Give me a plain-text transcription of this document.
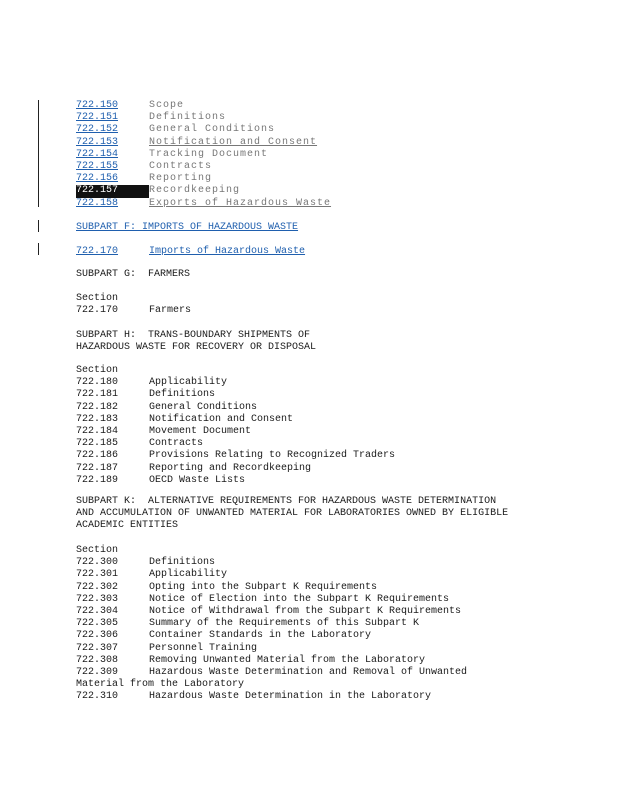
722.150	Scope
722.151	Definitions
722.152	General Conditions
722.153	Notification and Consent
722.154	Tracking Document
722.155	Contracts
722.156	Reporting
722.157	Recordkeeping
722.158	Exports of Hazardous Waste
SUBPART F: IMPORTS OF HAZARDOUS WASTE
722.170	Imports of Hazardous Waste
SUBPART G:  FARMERS
Section
722.170	Farmers
SUBPART H:  TRANS-BOUNDARY SHIPMENTS OF
HAZARDOUS WASTE FOR RECOVERY OR DISPOSAL
Section
722.180	Applicability
722.181	Definitions
722.182	General Conditions
722.183	Notification and Consent
722.184	Movement Document
722.185	Contracts
722.186	Provisions Relating to Recognized Traders
722.187	Reporting and Recordkeeping
722.189	OECD Waste Lists
SUBPART K:  ALTERNATIVE REQUIREMENTS FOR HAZARDOUS WASTE DETERMINATION
AND ACCUMULATION OF UNWANTED MATERIAL FOR LABORATORIES OWNED BY ELIGIBLE
ACADEMIC ENTITIES
Section
722.300	Definitions
722.301	Applicability
722.302	Opting into the Subpart K Requirements
722.303	Notice of Election into the Subpart K Requirements
722.304	Notice of Withdrawal from the Subpart K Requirements
722.305	Summary of the Requirements of this Subpart K
722.306	Container Standards in the Laboratory
722.307	Personnel Training
722.308	Removing Unwanted Material from the Laboratory
722.309	Hazardous Waste Determination and Removal of Unwanted
Material from the Laboratory
722.310	Hazardous Waste Determination in the Laboratory
